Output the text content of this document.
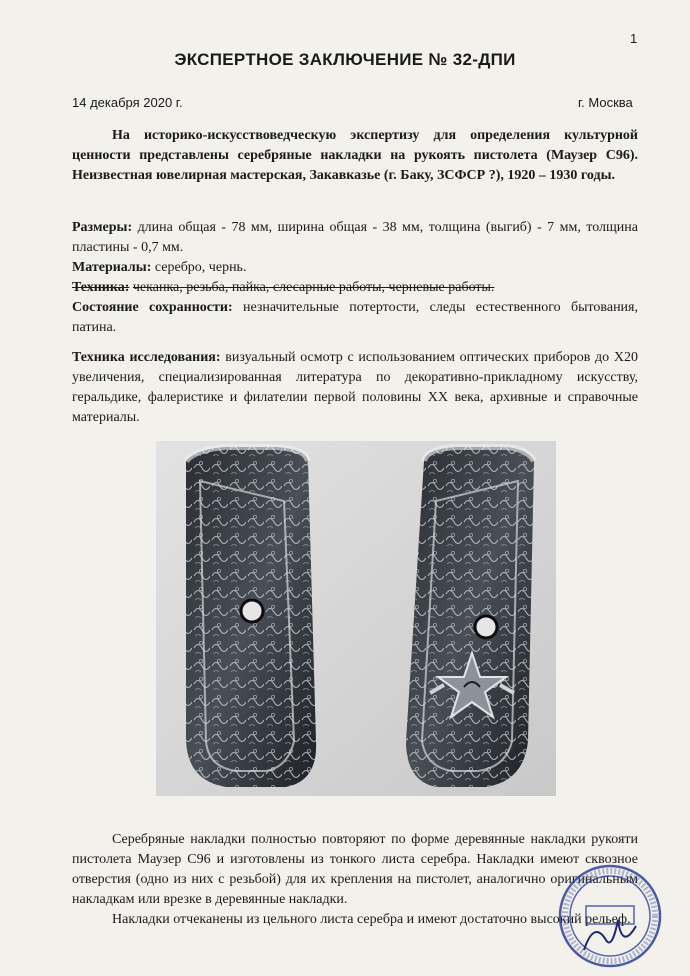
1
ЭКСПЕРТНОЕ ЗАКЛЮЧЕНИЕ № 32-ДПИ
14 декабря 2020 г.	г. Москва

На историко-искусствоведческую экспертизу для определения культурной ценности представлены серебряные накладки на рукоять пистолета (Маузер С96). Неизвестная ювелирная мастерская, Закавказье (г. Баку, ЗСФСР ?), 1920 – 1930 годы.

Размеры: длина общая - 78 мм, ширина общая - 38 мм, толщина (выгиб) - 7 мм, толщина пластины - 0,7 мм.

Материалы: серебро, чернь.

Техника: чеканка, резьба, пайка, слесарные работы, черневые работы.

Состояние сохранности: незначительные потертости, следы естественного бытования, патина.

Техника исследования: визуальный осмотр с использованием оптических приборов до Х20 увеличения, специализированная литература по декоративно-прикладному искусству, геральдике, фалеристике и филателии первой половины ХХ века, архивные и справочные материалы.

Серебряные накладки полностью повторяют по форме деревянные накладки рукояти пистолета Маузер С96 и изготовлены из тонкого листа серебра. Накладки имеют сквозное отверстия (одно из них с резьбой) для их крепления на пистолет, аналогично оригинальным накладкам или врезке в деревянные накладки.

Накладки отчеканены из цельного листа серебра и имеют достаточно высокий рельеф.
